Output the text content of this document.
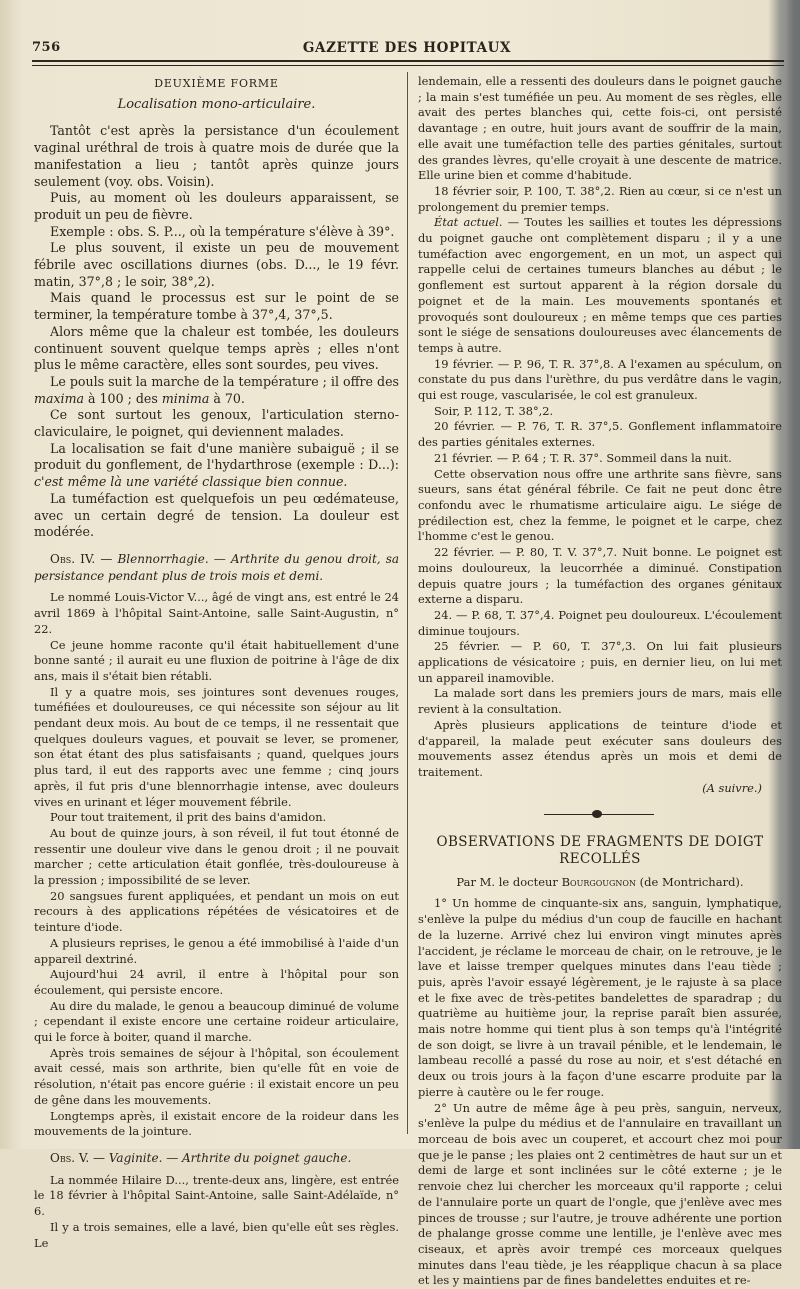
756	GAZETTE DES HOPITAUX

DEUXIÈME FORME

Localisation mono-articulaire.

Tantôt c'est après la persistance d'un écoulement vaginal uréthral de trois à quatre mois de durée que la manifestation a lieu ; tantôt après quinze jours seulement (voy. obs. Voisin).

Puis, au moment où les douleurs apparaissent, se produit un peu de fièvre.

Exemple : obs. S. P..., où la température s'élève à 39°.

Le plus souvent, il existe un peu de mouvement fébrile avec oscillations diurnes (obs. D..., le 19 févr. matin, 37°,8 ; le soir, 38°,2).

Mais quand le processus est sur le point de se terminer, la température tombe à 37°,4, 37°,5.

Alors même que la chaleur est tombée, les douleurs continuent souvent quelque temps après ; elles n'ont plus le même caractère, elles sont sourdes, peu vives.

Le pouls suit la marche de la température ; il offre des maxima à 100 ; des minima à 70.

Ce sont surtout les genoux, l'articulation sterno-claviculaire, le poignet, qui deviennent malades.

La localisation se fait d'une manière subaiguë ; il se produit du gonflement, de l'hydarthrose (exemple : D...): c'est même là une variété classique bien connue.

La tuméfaction est quelquefois un peu œdémateuse, avec un certain degré de tension. La douleur est modérée.

Obs. IV. — Blennorrhagie. — Arthrite du genou droit, sa persistance pendant plus de trois mois et demi.

Le nommé Louis-Victor V..., âgé de vingt ans, est entré le 24 avril 1869 à l'hôpital Saint-Antoine, salle Saint-Augustin, n° 22.

Ce jeune homme raconte qu'il était habituellement d'une bonne santé ; il aurait eu une fluxion de poitrine à l'âge de dix ans, mais il s'était bien rétabli.

Il y a quatre mois, ses jointures sont devenues rouges, tuméfiées et douloureuses, ce qui nécessite son séjour au lit pendant deux mois. Au bout de ce temps, il ne ressentait que quelques douleurs vagues, et pouvait se lever, se promener, son état étant des plus satisfaisants ; quand, quelques jours plus tard, il eut des rapports avec une femme ; cinq jours après, il fut pris d'une blennorrhagie intense, avec douleurs vives en urinant et léger mouvement fébrile.

Pour tout traitement, il prit des bains d'amidon.

Au bout de quinze jours, à son réveil, il fut tout étonné de ressentir une douleur vive dans le genou droit ; il ne pouvait marcher ; cette articulation était gonflée, très-douloureuse à la pression ; impossibilité de se lever.

20 sangsues furent appliquées, et pendant un mois on eut recours à des applications répétées de vésicatoires et de teinture d'iode.

A plusieurs reprises, le genou a été immobilisé à l'aide d'un appareil dextriné.

Aujourd'hui 24 avril, il entre à l'hôpital pour son écoulement, qui persiste encore.

Au dire du malade, le genou a beaucoup diminué de volume ; cependant il existe encore une certaine roideur articulaire, qui le force à boiter, quand il marche.

Après trois semaines de séjour à l'hôpital, son écoulement avait cessé, mais son arthrite, bien qu'elle fût en voie de résolution, n'était pas encore guérie : il existait encore un peu de gêne dans les mouvements.

Longtemps après, il existait encore de la roideur dans les mouvements de la jointure.

Obs. V. — Vaginite. — Arthrite du poignet gauche.

La nommée Hilaire D..., trente-deux ans, lingère, est entrée le 18 février à l'hôpital Saint-Antoine, salle Saint-Adélaïde, n° 6.

Il y a trois semaines, elle a lavé, bien qu'elle eût ses règles. Le

lendemain, elle a ressenti des douleurs dans le poignet gauche ; la main s'est tuméfiée un peu. Au moment de ses règles, elle avait des pertes blanches qui, cette fois-ci, ont persisté davantage ; en outre, huit jours avant de souffrir de la main, elle avait une tuméfaction telle des parties génitales, surtout des grandes lèvres, qu'elle croyait à une descente de matrice. Elle urine bien et comme d'habitude.

18 février soir, P. 100, T. 38°,2. Rien au cœur, si ce n'est un prolongement du premier temps.

État actuel. — Toutes les saillies et toutes les dépressions du poignet gauche ont complètement disparu ; il y a une tuméfaction avec engorgement, en un mot, un aspect qui rappelle celui de certaines tumeurs blanches au début ; le gonflement est surtout apparent à la région dorsale du poignet et de la main. Les mouvements spontanés et provoqués sont douloureux ; en même temps que ces parties sont le siége de sensations douloureuses avec élancements de temps à autre.

19 février. — P. 96, T. R. 37°,8. A l'examen au spéculum, on constate du pus dans l'urèthre, du pus verdâtre dans le vagin, qui est rouge, vascularisée, le col est granuleux.

Soir, P. 112, T. 38°,2.

20 février. — P. 76, T. R. 37°,5. Gonflement inflammatoire des parties génitales externes.

21 février. — P. 64 ; T. R. 37°. Sommeil dans la nuit.

Cette observation nous offre une arthrite sans fièvre, sans sueurs, sans état général fébrile. Ce fait ne peut donc être confondu avec le rhumatisme articulaire aigu. Le siége de prédilection est, chez la femme, le poignet et le carpe, chez l'homme c'est le genou.

22 février. — P. 80, T. V. 37°,7. Nuit bonne. Le poignet est moins douloureux, la leucorrhée a diminué. Constipation depuis quatre jours ; la tuméfaction des organes génitaux externe a disparu.

24. — P. 68, T. 37°,4. Poignet peu douloureux. L'écoulement diminue toujours.

25 février. — P. 60, T. 37°,3. On lui fait plusieurs applications de vésicatoire ; puis, en dernier lieu, on lui met un appareil inamovible.

La malade sort dans les premiers jours de mars, mais elle revient à la consultation.

Après plusieurs applications de teinture d'iode et d'appareil, la malade peut exécuter sans douleurs des mouvements assez étendus après un mois et demi de traitement.

(A suivre.)

OBSERVATIONS DE FRAGMENTS DE DOIGT RECOLLÉS

Par M. le docteur Bourgougnon (de Montrichard).

1° Un homme de cinquante-six ans, sanguin, lymphatique, s'enlève la pulpe du médius d'un coup de faucille en hachant de la luzerne. Arrivé chez lui environ vingt minutes après l'accident, je réclame le morceau de chair, on le retrouve, je le lave et laisse tremper quelques minutes dans l'eau tiède ; puis, après l'avoir essayé légèrement, je le rajuste à sa place et le fixe avec de très-petites bandelettes de sparadrap ; du quatrième au huitième jour, la reprise paraît bien assurée, mais notre homme qui tient plus à son temps qu'à l'intégrité de son doigt, se livre à un travail pénible, et le lendemain, le lambeau recollé a passé du rose au noir, et s'est détaché en deux ou trois jours à la façon d'une escarre produite par la pierre à cautère ou le fer rouge.

2° Un autre de même âge à peu près, sanguin, nerveux, s'enlève la pulpe du médius et de l'annulaire en travaillant un morceau de bois avec un couperet, et accourt chez moi pour que je le panse ; les plaies ont 2 centimètres de haut sur un et demi de large et sont inclinées sur le côté externe ; je le renvoie chez lui chercher les morceaux qu'il rapporte ; celui de l'annulaire porte un quart de l'ongle, que j'enlève avec mes pinces de trousse ; sur l'autre, je trouve adhérente une portion de phalange grosse comme une lentille, je l'enlève avec mes ciseaux, et après avoir trempé ces morceaux quelques minutes dans l'eau tiède, je les réapplique chacun à sa place et les y maintiens par de fines bandelettes enduites et re-
